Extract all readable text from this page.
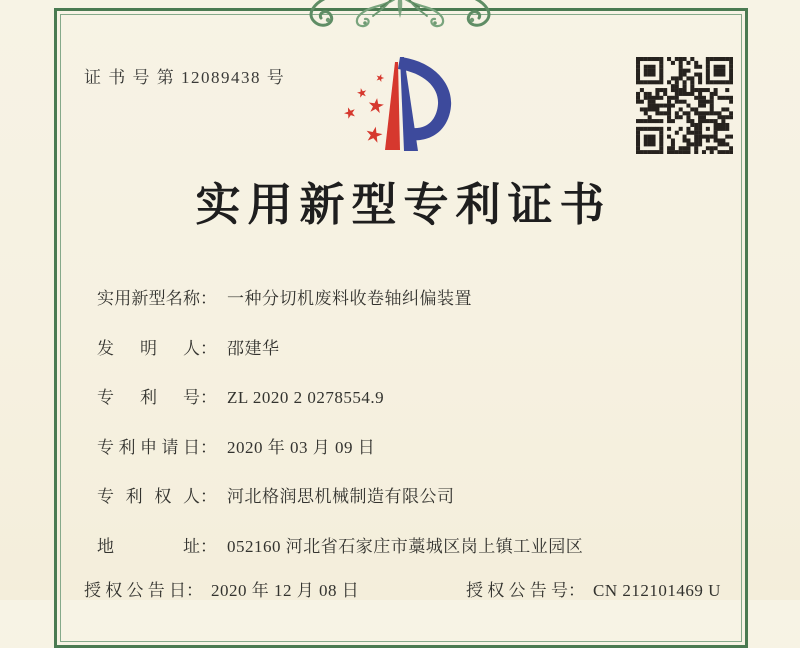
证 书 号 第 12089438 号
实用新型专利证书
实用新型名称： 一种分切机废料收卷轴纠偏装置
发 明 人： 邵建华
专 利 号： ZL 2020 2 0278554.9
专 利 申 请 日： 2020 年 03 月 09 日
专 利 权 人： 河北格润思机械制造有限公司
地 址： 052160 河北省石家庄市藁城区岗上镇工业园区
授 权 公 告 日： 2020 年 12 月 08 日	授 权 公 告 号： CN 212101469 U
